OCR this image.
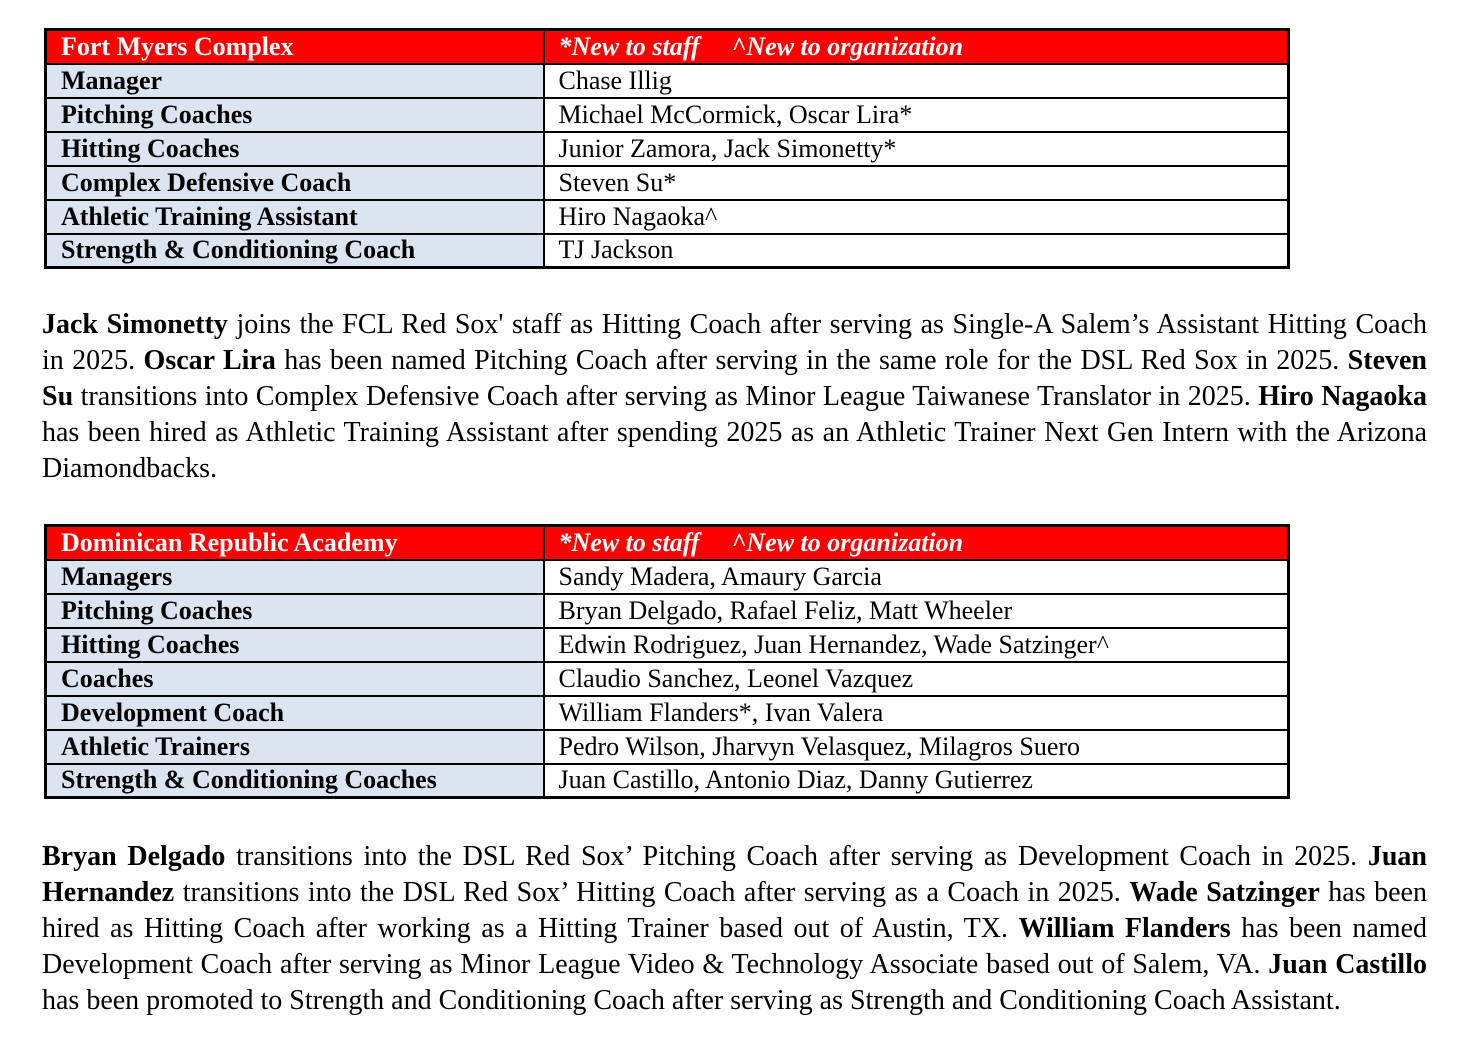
Fort Myers Complex	*New to staff ^New to organization
Manager	Chase Illig
Pitching Coaches	Michael McCormick, Oscar Lira*
Hitting Coaches	Junior Zamora, Jack Simonetty*
Complex Defensive Coach	Steven Su*
Athletic Training Assistant	Hiro Nagaoka^
Strength & Conditioning Coach	TJ Jackson

Jack Simonetty joins the FCL Red Sox' staff as Hitting Coach after serving as Single-A Salem’s Assistant Hitting Coach in 2025. Oscar Lira has been named Pitching Coach after serving in the same role for the DSL Red Sox in 2025. Steven Su transitions into Complex Defensive Coach after serving as Minor League Taiwanese Translator in 2025. Hiro Nagaoka has been hired as Athletic Training Assistant after spending 2025 as an Athletic Trainer Next Gen Intern with the Arizona Diamondbacks.

Dominican Republic Academy	*New to staff ^New to organization
Managers	Sandy Madera, Amaury Garcia
Pitching Coaches	Bryan Delgado, Rafael Feliz, Matt Wheeler
Hitting Coaches	Edwin Rodriguez, Juan Hernandez, Wade Satzinger^
Coaches	Claudio Sanchez, Leonel Vazquez
Development Coach	William Flanders*, Ivan Valera
Athletic Trainers	Pedro Wilson, Jharvyn Velasquez, Milagros Suero
Strength & Conditioning Coaches	Juan Castillo, Antonio Diaz, Danny Gutierrez

Bryan Delgado transitions into the DSL Red Sox’ Pitching Coach after serving as Development Coach in 2025. Juan Hernandez transitions into the DSL Red Sox’ Hitting Coach after serving as a Coach in 2025. Wade Satzinger has been hired as Hitting Coach after working as a Hitting Trainer based out of Austin, TX. William Flanders has been named Development Coach after serving as Minor League Video & Technology Associate based out of Salem, VA. Juan Castillo has been promoted to Strength and Conditioning Coach after serving as Strength and Conditioning Coach Assistant.
